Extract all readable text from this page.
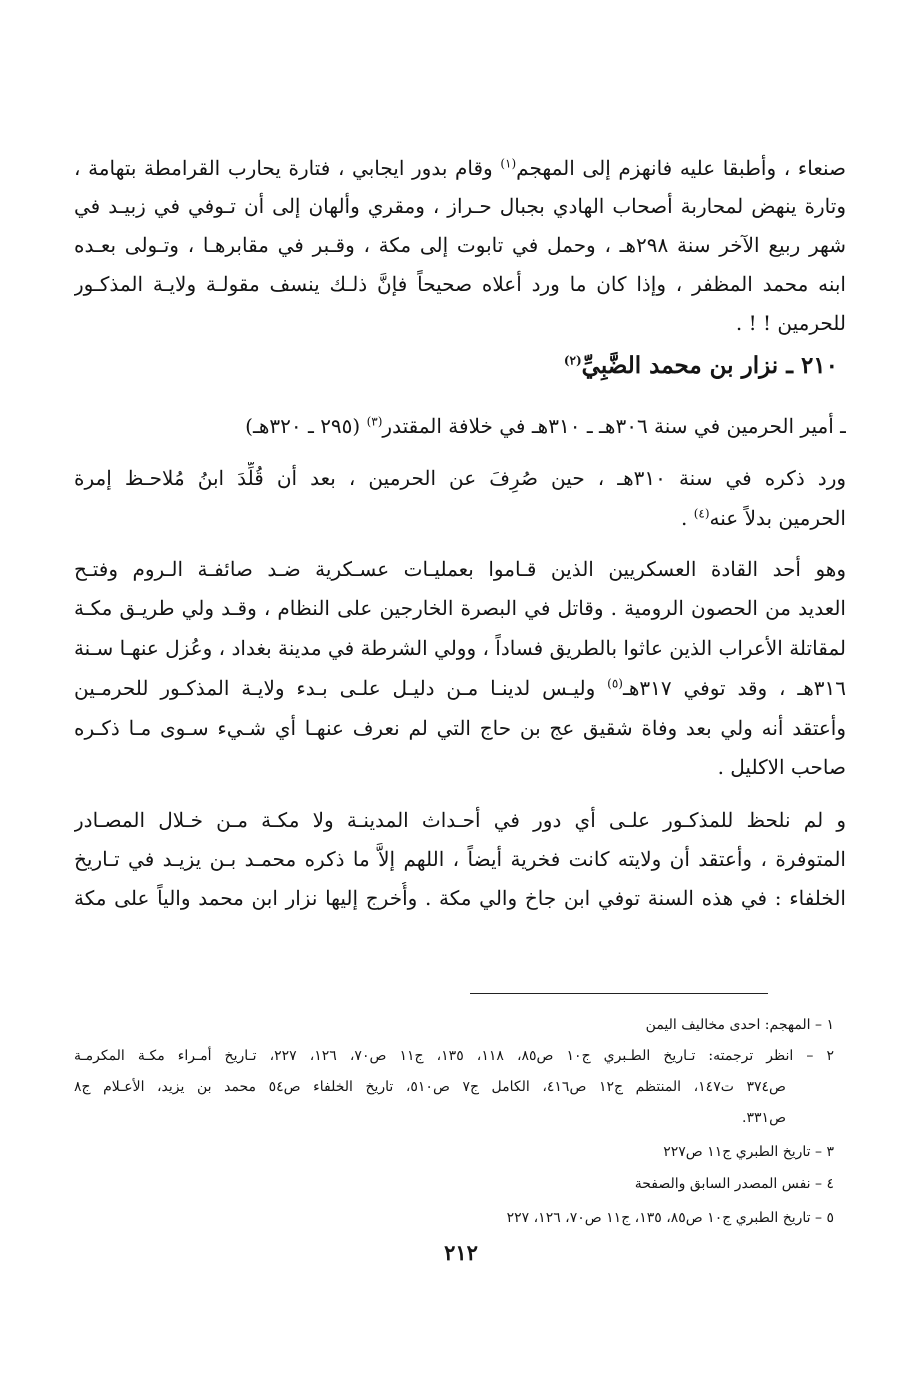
صنعاء ، وأطبقا عليه فانهزم إلى المهجم$^{(١)}$ وقام بدور ايجابي ، فتارة يحارب القرامطة بتهامة ،
وتارة ينهض لمحاربة أصحاب الهادي بجبال حـراز ، ومقري وألهان إلى أن تـوفي في زبيـد في
شهر ربيع الآخر سنة ٢٩٨هـ ، وحمل في تابوت إلى مكة ، وقـبر في مقابرهـا ، وتـولى بعـده
ابنه محمد المظفر ، وإذا كان ما ورد أعلاه صحيحاً فإنَّ ذلـك ينسف مقولـة ولايـة المذكـور
للحرمين ! ! .
٢١٠ ـ نزار بن محمد الضَّبِيِّ$^{(٢)}$
ـ أمير الحرمين في سنة ٣٠٦هـ ـ ٣١٠هـ في خلافة المقتدر$^{(٣)}$ (٢٩٥ ـ ٣٢٠هـ)
ورد ذكره في سنة ٣١٠هـ ، حين صُرِفَ عن الحرمين ، بعد أن قُلِّدَ ابنُ مُلاحـظ إمرة
الحرمين بدلاً عنه$^{(٤)}$ .
وهو أحد القادة العسكريين الذين قـاموا بعمليـات عسـكرية ضـد صائفـة الـروم وفتـح
العديد من الحصون الرومية . وقاتل في البصرة الخارجين على النظام ، وقـد ولي طريـق مكـة
لمقاتلة الأعراب الذين عاثوا بالطريق فساداً ، وولي الشرطة في مدينة بغداد ، وعُزل عنهـا سـنة
٣١٦هـ ، وقد توفي ٣١٧هـ$^{(٥)}$ وليـس لدينـا مـن دليـل علـى بـدء ولايـة المذكـور للحرمـين
وأعتقد أنه ولي بعد وفاة شقيق عج بن حاج التي لم نعرف عنهـا أي شـيء سـوى مـا ذكـره
صاحب الاكليل .
و لم نلحظ للمذكـور علـى أي دور في أحـداث المدينـة ولا مكـة مـن خـلال المصـادر
المتوفرة ، وأعتقد أن ولايته كانت فخرية أيضاً ، اللهم إلاَّ ما ذكره محمـد بـن يزيـد في تـاريخ
الخلفاء : في هذه السنة توفي ابن جاخ والي مكة . وأُخرج إليها نزار ابن محمد والياً على مكة
١ – المهجم: احدى مخاليف اليمن
٢ – انظر ترجمته: تـاريخ الطـبري ج١٠ ص٨٥، ١١٨، ١٣٥، ج١١ ص٧٠، ١٢٦، ٢٢٧، تـاريخ أمـراء مكـة المكرمـة
ص٣٧٤ ت١٤٧، المنتظم ج١٢ ص٤١٦، الكامل ج٧ ص٥١٠، تاريخ الخلفاء ص٥٤ محمد بن يزيد، الأعـلام ج٨
ص٣٣١.
٣ – تاريخ الطبري ج١١ ص٢٢٧
٤ – نفس المصدر السابق والصفحة
٥ – تاريخ الطبري ج١٠ ص٨٥، ١٣٥، ج١١ ص٧٠، ١٢٦، ٢٢٧
٢١٢
